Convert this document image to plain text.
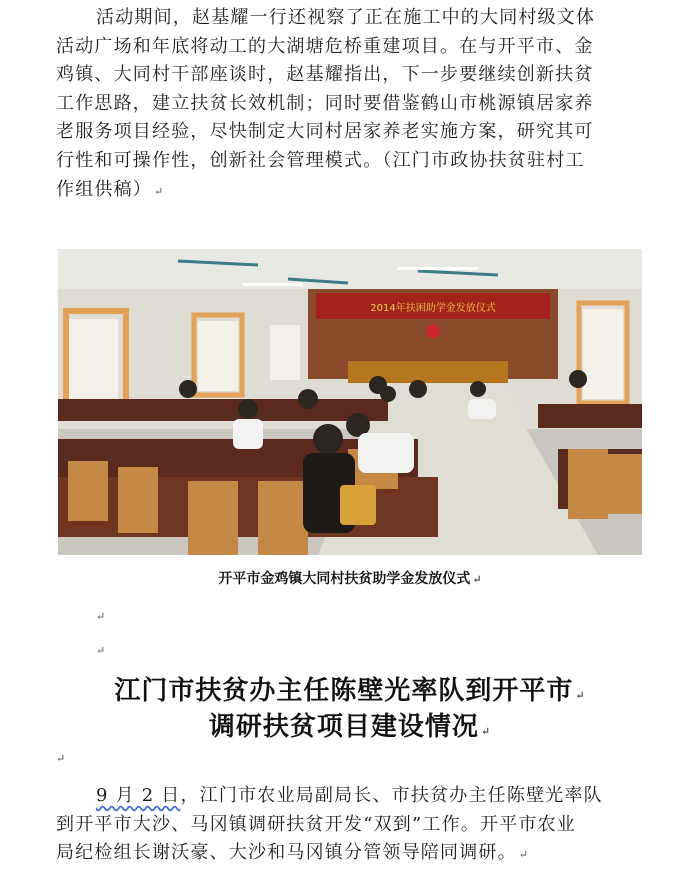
活动期间，赵基耀一行还视察了正在施工中的大同村级文体
活动广场和年底将动工的大湖塘危桥重建项目。在与开平市、金
鸡镇、大同村干部座谈时，赵基耀指出，下一步要继续创新扶贫
工作思路，建立扶贫长效机制；同时要借鉴鹤山市桃源镇居家养
老服务项目经验，尽快制定大同村居家养老实施方案，研究其可
行性和可操作性，创新社会管理模式。（江门市政协扶贫驻村工
作组供稿） ↵
2014年扶困助学金发放仪式
开平市金鸡镇大同村扶贫助学金发放仪式 ↵
↵
↵
江门市扶贫办主任陈壁光率队到开平市 ↵
调研扶贫项目建设情况 ↵
↵
9 月 2 日，江门市农业局副局长、市扶贫办主任陈壁光率队
到开平市大沙、马冈镇调研扶贫开发“双到”工作。开平市农业
局纪检组长谢沃豪、大沙和马冈镇分管领导陪同调研。 ↵
